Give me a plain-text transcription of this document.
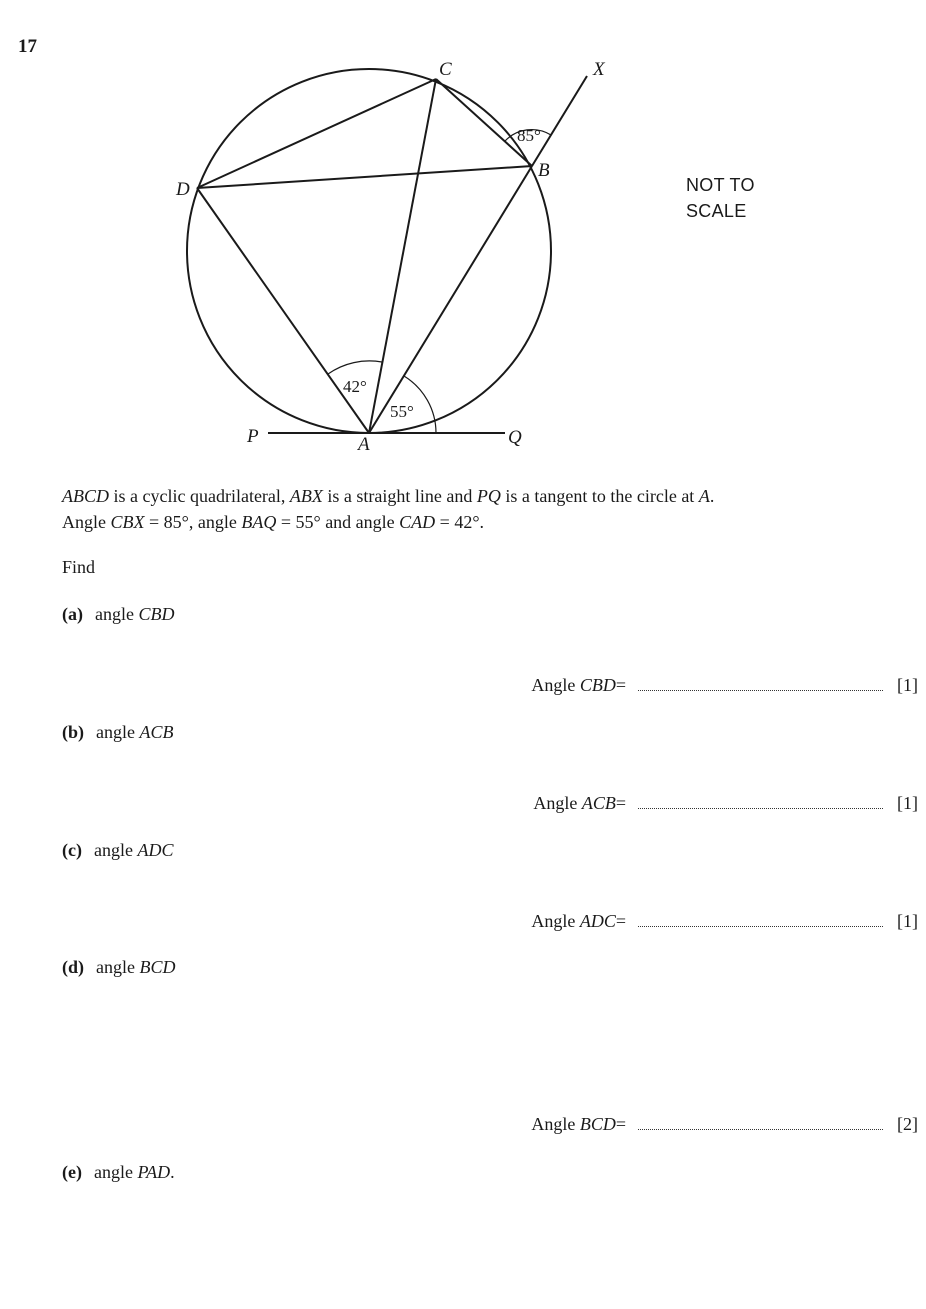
17
85°
42°
55°
C	X
B
D
P	A	Q
NOT TO
SCALE
ABCD is a cyclic quadrilateral, ABX is a straight line and PQ is a tangent to the circle at A.
Angle CBX = 85°, angle BAQ = 55° and angle CAD = 42°.
Find
(a) angle CBD
Angle
CBD =	[1]
(b) angle ACB
Angle
ACB =	[1]
(c) angle ADC
Angle
ADC =	[1]
(d) angle BCD
Angle
BCD =	[2]
(e) angle PAD.
